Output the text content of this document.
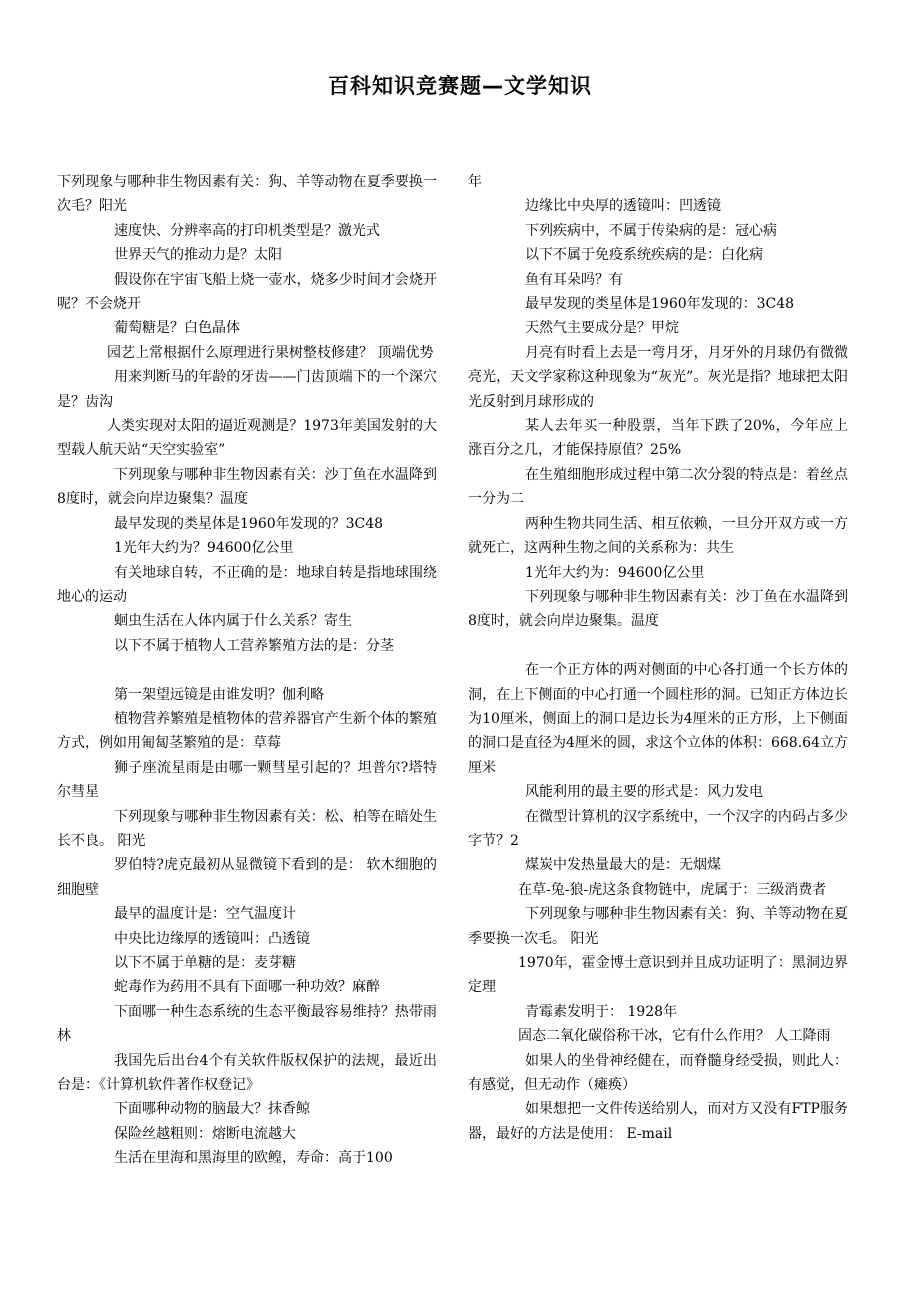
百科知识竞赛题—文学知识

下列现象与哪种非生物因素有关：狗、羊等动物在夏季要换一次毛？阳光

速度快、分辨率高的打印机类型是？激光式

世界天气的推动力是？太阳

假设你在宇宙飞船上烧一壶水，烧多少时间才会烧开呢？不会烧开

葡萄糖是？白色晶体

园艺上常根据什么原理进行果树整枝修建？ 顶端优势

用来判断马的年龄的牙齿——门齿顶端下的一个深穴是？齿沟

人类实现对太阳的逼近观测是？1973年美国发射的大型载人航天站“天空实验室”

下列现象与哪种非生物因素有关：沙丁鱼在水温降到8度时，就会向岸边聚集？温度

最早发现的类星体是1960年发现的？3C48

1光年大约为？94600亿公里

有关地球自转，不正确的是：地球自转是指地球围绕地心的运动

蛔虫生活在人体内属于什么关系？寄生

以下不属于植物人工营养繁殖方法的是：分茎

第一架望远镜是由谁发明？伽利略

植物营养繁殖是植物体的营养器官产生新个体的繁殖方式，例如用匍匐茎繁殖的是：草莓

狮子座流星雨是由哪一颗彗星引起的？坦普尔?塔特尔彗星

下列现象与哪种非生物因素有关：松、柏等在暗处生长不良。 阳光

罗伯特?虎克最初从显微镜下看到的是： 软木细胞的细胞壁

最早的温度计是：空气温度计

中央比边缘厚的透镜叫：凸透镜

以下不属于单糖的是：麦芽糖

蛇毒作为药用不具有下面哪一种功效？麻醉

下面哪一种生态系统的生态平衡最容易维持？热带雨林

我国先后出台4个有关软件版权保护的法规，最近出台是：《计算机软件著作权登记》

下面哪种动物的脑最大？抹香鲸

保险丝越粗则：熔断电流越大

生活在里海和黑海里的欧鳇，寿命：高于100

年

边缘比中央厚的透镜叫：凹透镜

下列疾病中，不属于传染病的是：冠心病

以下不属于免疫系统疾病的是：白化病

鱼有耳朵吗？有

最早发现的类星体是1960年发现的：3C48

天然气主要成分是？甲烷

月亮有时看上去是一弯月牙，月牙外的月球仍有微微亮光，天文学家称这种现象为“灰光”。灰光是指？地球把太阳光反射到月球形成的

某人去年买一种股票，当年下跌了20%，今年应上涨百分之几，才能保持原值？25%

在生殖细胞形成过程中第二次分裂的特点是：着丝点一分为二

两种生物共同生活、相互依赖，一旦分开双方或一方就死亡，这两种生物之间的关系称为：共生

1光年大约为：94600亿公里

下列现象与哪种非生物因素有关：沙丁鱼在水温降到8度时，就会向岸边聚集。温度

在一个正方体的两对侧面的中心各打通一个长方体的洞，在上下侧面的中心打通一个圆柱形的洞。已知正方体边长为10厘米，侧面上的洞口是边长为4厘米的正方形，上下侧面的洞口是直径为4厘米的圆，求这个立体的体积：668.64立方厘米

风能利用的最主要的形式是：风力发电

在微型计算机的汉字系统中，一个汉字的内码占多少字节？2

煤炭中发热量最大的是：无烟煤

在草-兔-狼-虎这条食物链中，虎属于：三级消费者

下列现象与哪种非生物因素有关：狗、羊等动物在夏季要换一次毛。 阳光

1970年，霍金博士意识到并且成功证明了：黑洞边界定理

青霉素发明于： 1928年

固态二氧化碳俗称干冰，它有什么作用？ 人工降雨

如果人的坐骨神经健在，而脊髓身经受损，则此人： 有感觉，但无动作（瘫痪）

如果想把一文件传送给别人，而对方又没有FTP服务器，最好的方法是使用： E-mail
